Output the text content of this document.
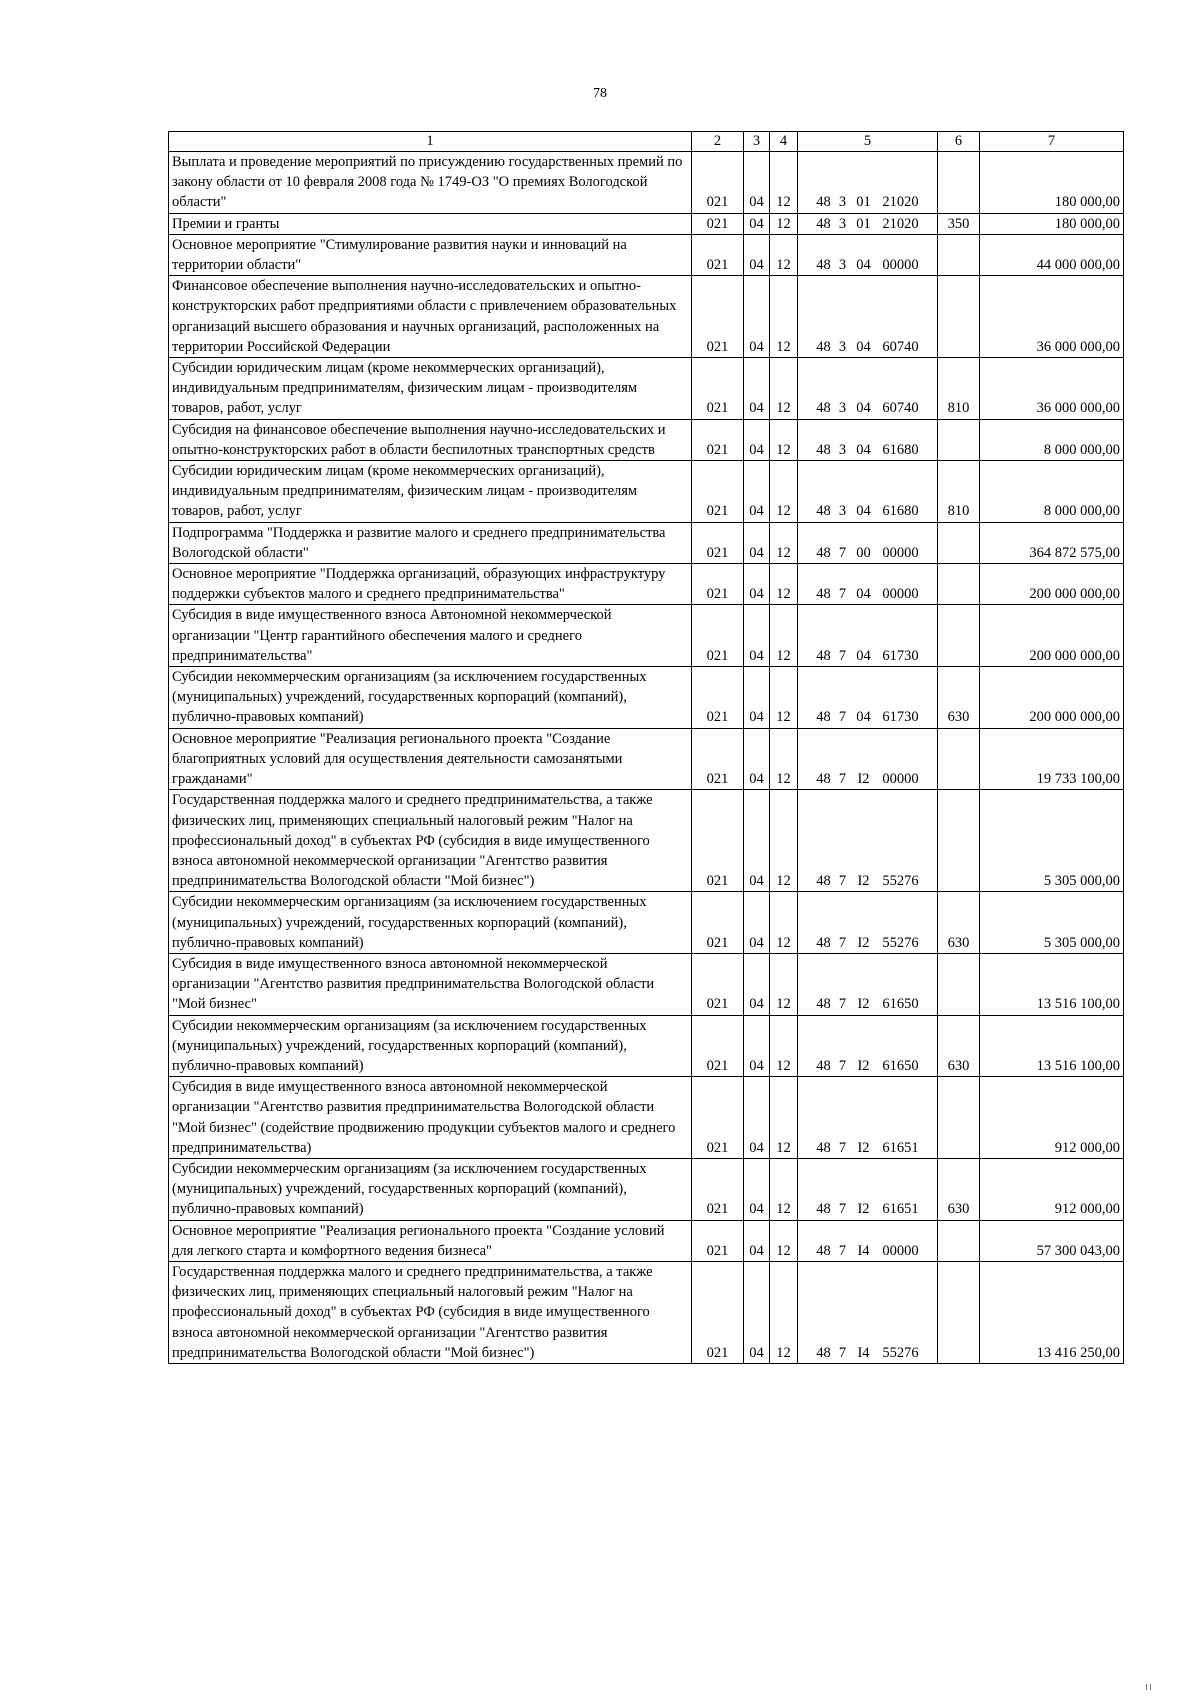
78
1	2	3	4	5	6	7
Выплата и проведение мероприятий по присуждению государственных премий по закону области от 10 февраля 2008 года № 1749-ОЗ "О премиях Вологодской области"	021	04	12	48 3 01 21020		180 000,00
Премии и гранты	021	04	12	48 3 01 21020	350	180 000,00
Основное мероприятие "Стимулирование развития науки и инноваций на территории области"	021	04	12	48 3 04 00000		44 000 000,00
Финансовое обеспечение выполнения научно-исследовательских и опытно-конструкторских работ предприятиями области с привлечением образовательных организаций высшего образования и научных организаций, расположенных на территории Российской Федерации	021	04	12	48 3 04 60740		36 000 000,00
Субсидии юридическим лицам (кроме некоммерческих организаций), индивидуальным предпринимателям, физическим лицам - производителям товаров, работ, услуг	021	04	12	48 3 04 60740	810	36 000 000,00
Субсидия на финансовое обеспечение выполнения научно-исследовательских и опытно-конструкторских работ в области беспилотных транспортных средств	021	04	12	48 3 04 61680		8 000 000,00
Субсидии юридическим лицам (кроме некоммерческих организаций), индивидуальным предпринимателям, физическим лицам - производителям товаров, работ, услуг	021	04	12	48 3 04 61680	810	8 000 000,00
Подпрограмма "Поддержка и развитие малого и среднего предпринимательства Вологодской области"	021	04	12	48 7 00 00000		364 872 575,00
Основное мероприятие "Поддержка организаций, образующих инфраструктуру поддержки субъектов малого и среднего предпринимательства"	021	04	12	48 7 04 00000		200 000 000,00
Субсидия в виде имущественного взноса Автономной некоммерческой организации "Центр гарантийного обеспечения малого и среднего предпринимательства"	021	04	12	48 7 04 61730		200 000 000,00
Субсидии некоммерческим организациям (за исключением государственных (муниципальных) учреждений, государственных корпораций (компаний), публично-правовых компаний)	021	04	12	48 7 04 61730	630	200 000 000,00
Основное мероприятие "Реализация регионального проекта "Создание благоприятных условий для осуществления деятельности самозанятыми гражданами"	021	04	12	48 7 I2 00000		19 733 100,00
Государственная поддержка малого и среднего предпринимательства, а также физических лиц, применяющих специальный налоговый режим "Налог на профессиональный доход" в субъектах РФ (субсидия в виде имущественного взноса автономной некоммерческой организации "Агентство развития предпринимательства Вологодской области "Мой бизнес")	021	04	12	48 7 I2 55276		5 305 000,00
Субсидии некоммерческим организациям (за исключением государственных (муниципальных) учреждений, государственных корпораций (компаний), публично-правовых компаний)	021	04	12	48 7 I2 55276	630	5 305 000,00
Субсидия в виде имущественного взноса автономной некоммерческой организации "Агентство развития предпринимательства Вологодской области "Мой бизнес"	021	04	12	48 7 I2 61650		13 516 100,00
Субсидии некоммерческим организациям (за исключением государственных (муниципальных) учреждений, государственных корпораций (компаний), публично-правовых компаний)	021	04	12	48 7 I2 61650	630	13 516 100,00
Субсидия в виде имущественного взноса автономной некоммерческой организации "Агентство развития предпринимательства Вологодской области "Мой бизнес" (содействие продвижению продукции субъектов малого и среднего предпринимательства)	021	04	12	48 7 I2 61651		912 000,00
Субсидии некоммерческим организациям (за исключением государственных (муниципальных) учреждений, государственных корпораций (компаний), публично-правовых компаний)	021	04	12	48 7 I2 61651	630	912 000,00
Основное мероприятие "Реализация регионального проекта "Создание условий для легкого старта и комфортного ведения бизнеса"	021	04	12	48 7 I4 00000		57 300 043,00
Государственная поддержка малого и среднего предпринимательства, а также физических лиц, применяющих специальный налоговый режим "Налог на профессиональный доход" в субъектах РФ (субсидия в виде имущественного взноса автономной некоммерческой организации "Агентство развития предпринимательства Вологодской области "Мой бизнес")	021	04	12	48 7 I4 55276		13 416 250,00
